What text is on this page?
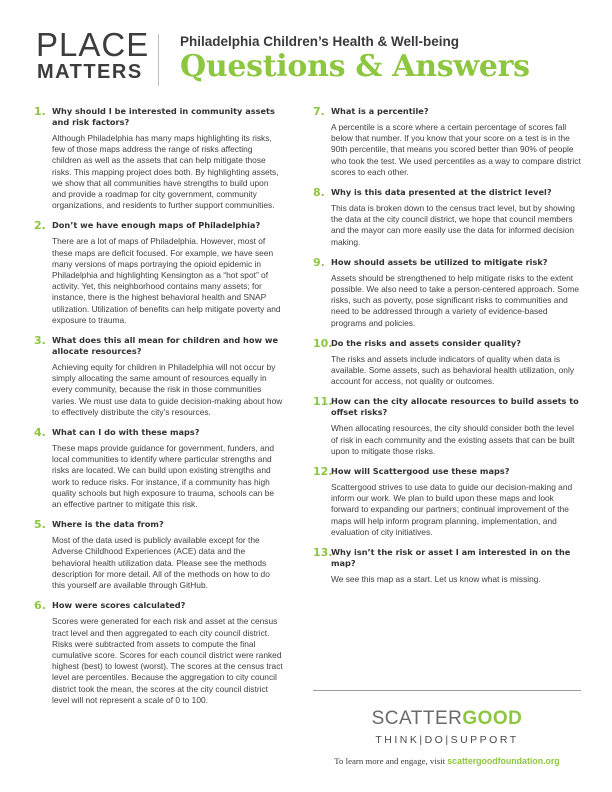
PLACE
MATTERS
Philadelphia Children’s Health & Well-being
Questions & Answers
1. Why should I be interested in community assets and risk factors?
Although Philadelphia has many maps highlighting its risks, few of those maps address the range of risks affecting children as well as the assets that can help mitigate those risks. This mapping project does both. By highlighting assets, we show that all communities have strengths to build upon and provide a roadmap for city government, community organizations, and residents to further support communities.
2. Don’t we have enough maps of Philadelphia?
There are a lot of maps of Philadelphia. However, most of these maps are deficit focused. For example, we have seen many versions of maps portraying the opioid epidemic in Philadelphia and highlighting Kensington as a “hot spot” of activity. Yet, this neighborhood contains many assets; for instance, there is the highest behavioral health and SNAP utilization. Utilization of benefits can help mitigate poverty and exposure to trauma.
3. What does this all mean for children and how we allocate resources?
Achieving equity for children in Philadelphia will not occur by simply allocating the same amount of resources equally in every community, because the risk in those communities varies. We must use data to guide decision-making about how to effectively distribute the city’s resources.
4. What can I do with these maps?
These maps provide guidance for government, funders, and local communities to identify where particular strengths and risks are located. We can build upon existing strengths and work to reduce risks. For instance, if a community has high quality schools but high exposure to trauma, schools can be an effective partner to mitigate this risk.
5. Where is the data from?
Most of the data used is publicly available except for the Adverse Childhood Experiences (ACE) data and the behavioral health utilization data. Please see the methods description for more detail. All of the methods on how to do this yourself are available through GitHub.
6. How were scores calculated?
Scores were generated for each risk and asset at the census tract level and then aggregated to each city council district. Risks were subtracted from assets to compute the final cumulative score. Scores for each council district were ranked highest (best) to lowest (worst). The scores at the census tract level are percentiles. Because the aggregation to city council district took the mean, the scores at the city council district level will not represent a scale of 0 to 100.
7. What is a percentile?
A percentile is a score where a certain percentage of scores fall below that number. If you know that your score on a test is in the 90th percentile, that means you scored better than 90% of people who took the test. We used percentiles as a way to compare district scores to each other.
8. Why is this data presented at the district level?
This data is broken down to the census tract level, but by showing the data at the city council district, we hope that council members and the mayor can more easily use the data for informed decision making.
9. How should assets be utilized to mitigate risk?
Assets should be strengthened to help mitigate risks to the extent possible. We also need to take a person-centered approach. Some risks, such as poverty, pose significant risks to communities and need to be addressed through a variety of evidence-based programs and policies.
10.
Do the risks and assets consider quality?
The risks and assets include indicators of quality when data is available. Some assets, such as behavioral health utilization, only account for access, not quality or outcomes.
11.
How can the city allocate resources to build assets to offset risks?
When allocating resources, the city should consider both the level of risk in each community and the existing assets that can be built upon to mitigate those risks.
12.
How will Scattergood use these maps?
Scattergood strives to use data to guide our decision-making and inform our work. We plan to build upon these maps and look forward to expanding our partners; continual improvement of the maps will help inform program planning, implementation, and evaluation of city initiatives.
13.
Why isn’t the risk or asset I am interested in on the map?
We see this map as a start. Let us know what is missing.
SCATTERGOOD
THINK|DO|SUPPORT
To learn more and engage, visit scattergoodfoundation.org
